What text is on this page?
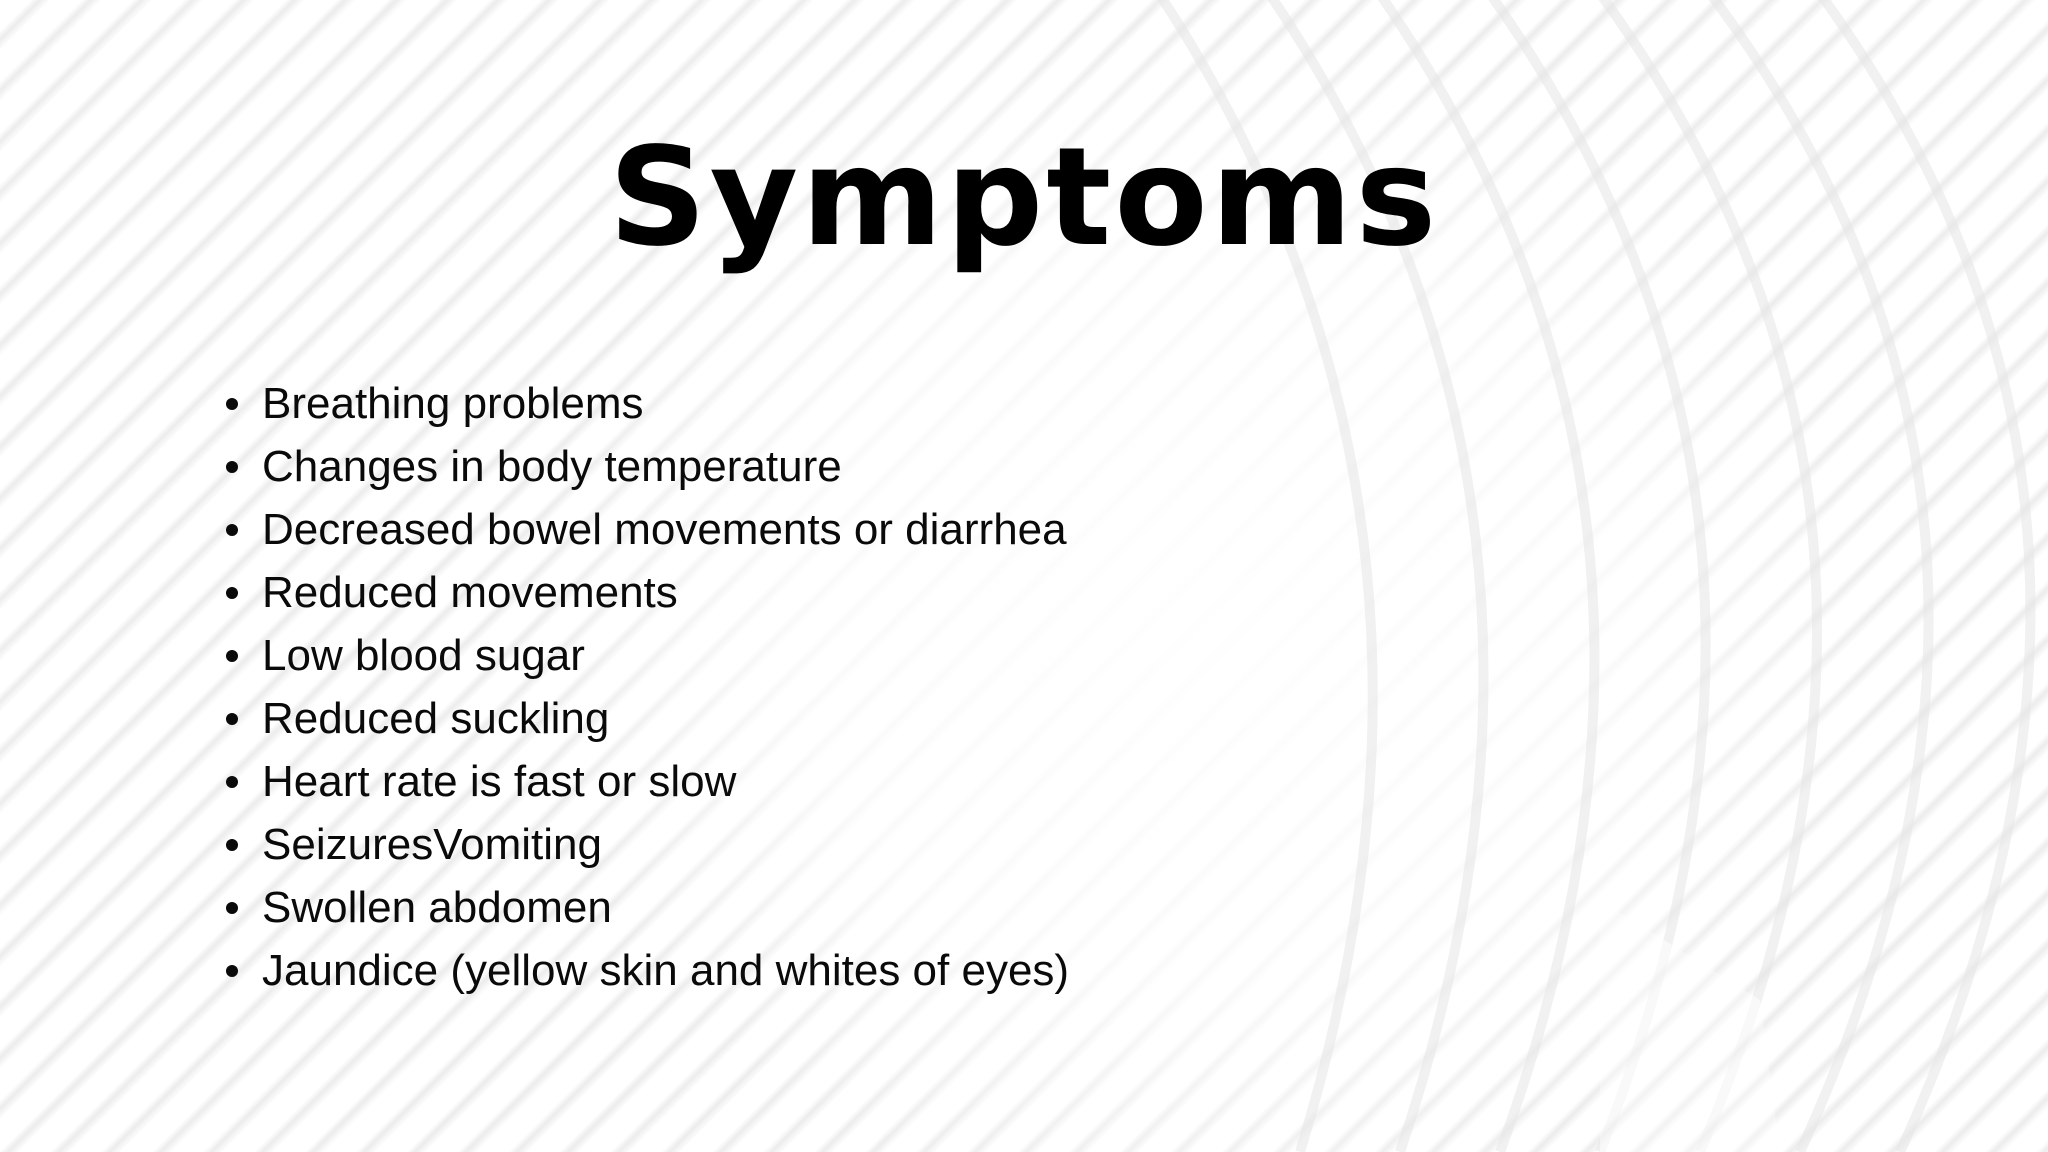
Symptoms
Breathing problems
Changes in body temperature
Decreased bowel movements or diarrhea
Reduced movements
Low blood sugar
Reduced suckling
Heart rate is fast or slow
SeizuresVomiting
Swollen abdomen
Jaundice (yellow skin and whites of eyes)
